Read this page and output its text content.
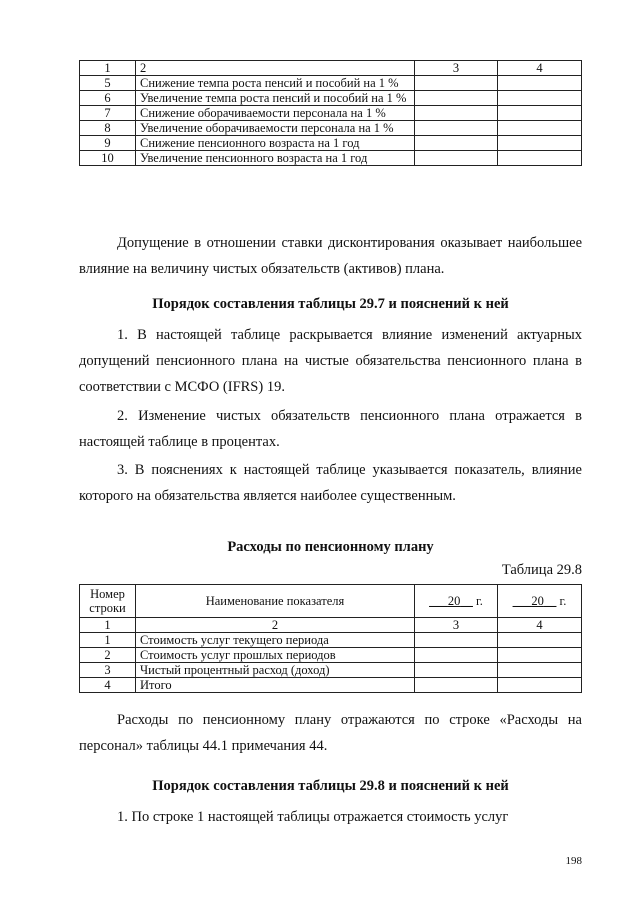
1	2	3	4
5	Снижение темпа роста пенсий и пособий на 1 %		
6	Увеличение темпа роста пенсий и пособий на 1 %		
7	Снижение оборачиваемости персонала на 1 %		
8	Увеличение оборачиваемости персонала на 1 %		
9	Снижение пенсионного возраста на 1 год		
10	Увеличение пенсионного возраста на 1 год		
Допущение в отношении ставки дисконтирования оказывает наибольшее влияние на величину чистых обязательств (активов) плана.
Порядок составления таблицы 29.7 и пояснений к ней
1. В настоящей таблице раскрывается влияние изменений актуарных допущений пенсионного плана на чистые обязательства пенсионного плана в соответствии с МСФО (IFRS) 19.
2. Изменение чистых обязательств пенсионного плана отражается в настоящей таблице в процентах.
3. В пояснениях к настоящей таблице указывается показатель, влияние которого на обязательства является наиболее существенным.
Расходы по пенсионному плану
Таблица 29.8
Номер строки	Наименование показателя	___20__ г.	___20__ г.
1	2	3	4
1	Стоимость услуг текущего периода		
2	Стоимость услуг прошлых периодов		
3	Чистый процентный расход (доход)		
4	Итого		
Расходы по пенсионному плану отражаются по строке «Расходы на персонал» таблицы 44.1 примечания 44.
Порядок составления таблицы 29.8 и пояснений к ней
1. По строке 1 настоящей таблицы отражается стоимость услуг
198
